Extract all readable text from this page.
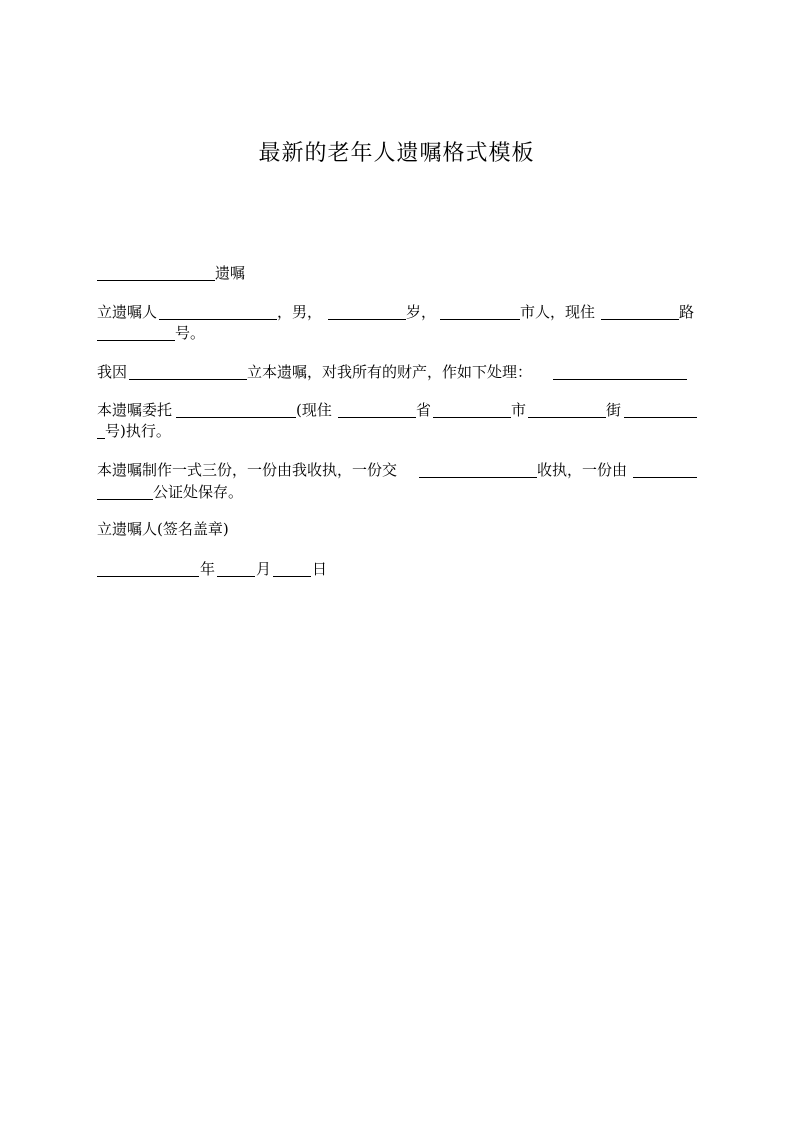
最新的老年人遗嘱格式模板
遗嘱
立遗嘱人	，男，	岁，	市人，现住	路
号。
我因	立本遗嘱，对我所有的财产，作如下处理：
本遗嘱委托	(现住	省	市	街
号)执行。
本遗嘱制作一式三份，一份由我收执，一份交	收执，一份由
公证处保存。
立遗嘱人(签名盖章)
年	月	日
